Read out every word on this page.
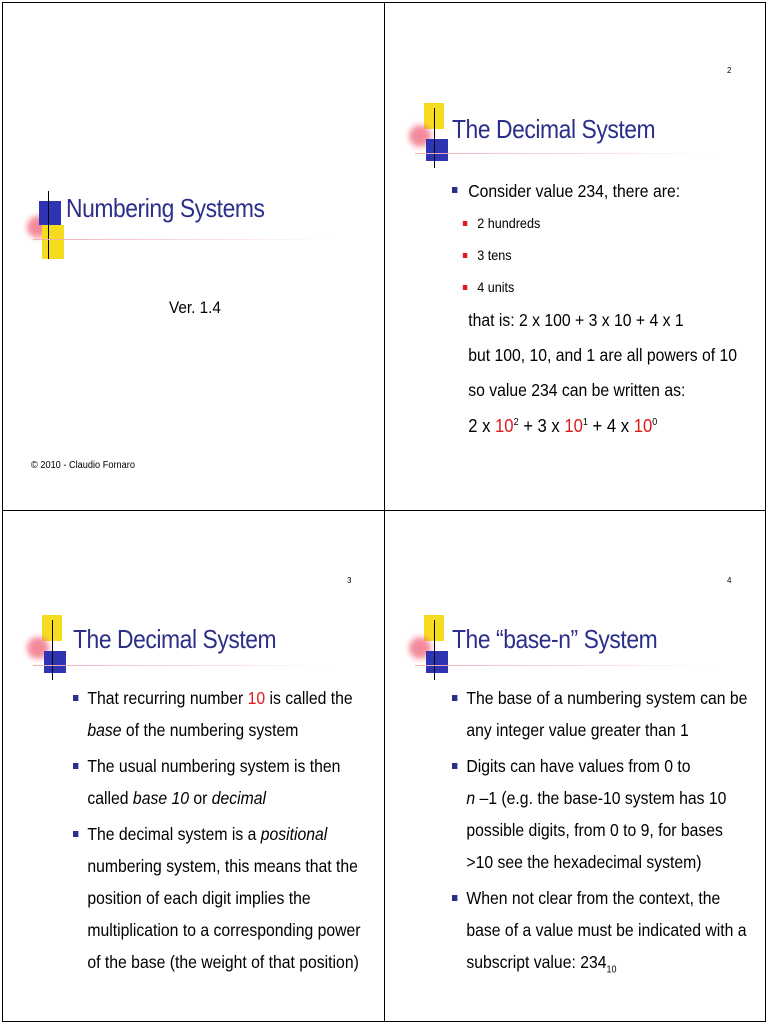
Numbering Systems
Ver. 1.4
© 2010 - Claudio Fornaro
2
The Decimal System
Consider value 234, there are:
2 hundreds
3 tens
4 units
that is: 2 x 100 + 3 x 10 + 4 x 1
but 100, 10, and 1 are all powers of 10
so value 234 can be written as:
2 x $10^2 + 3$ x $10^1 + 4$ x $10^0$
3
The Decimal System
That recurring number 10 is called the
base of the numbering system
The usual numbering system is then
called base 10 or decimal
The decimal system is a positional
numbering system, this means that the
position of each digit implies the
multiplication to a corresponding power
of the base (the weight of that position)
4
The “base-n” System
The base of a numbering system can be
any integer value greater than 1
Digits can have values from 0 to
n –1 (e.g. the base-10 system has 10
possible digits, from 0 to 9, for bases
>10 see the hexadecimal system)
When not clear from the context, the
base of a value must be indicated with a
subscript value: $234_{10}$
